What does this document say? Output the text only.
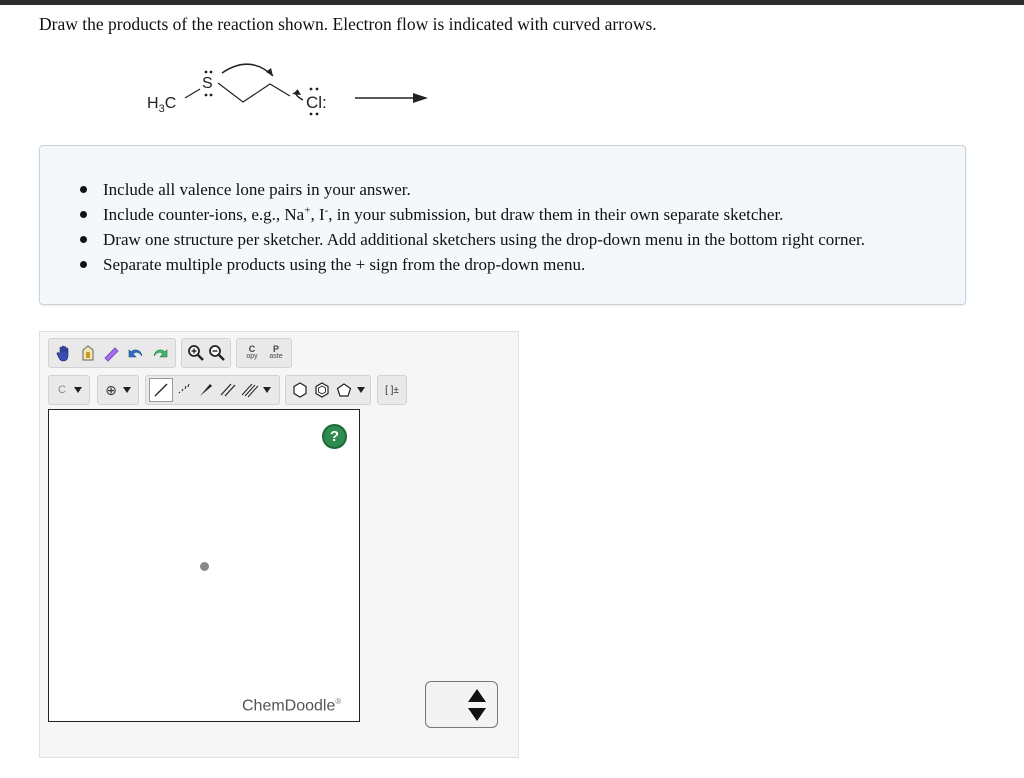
Draw the products of the reaction shown. Electron flow is indicated with curved arrows.
$H_3C$
S
Cl:
Include all valence lone pairs in your answer.
Include counter-ions, e.g., Na+, I-, in your submission, but draw them in their own separate sketcher.
Draw one structure per sketcher. Add additional sketchers using the drop-down menu in the bottom right corner.
Separate multiple products using the + sign from the drop-down menu.
C
opy
P
aste
C	⊕	[ ]±
?
ChemDoodle®
